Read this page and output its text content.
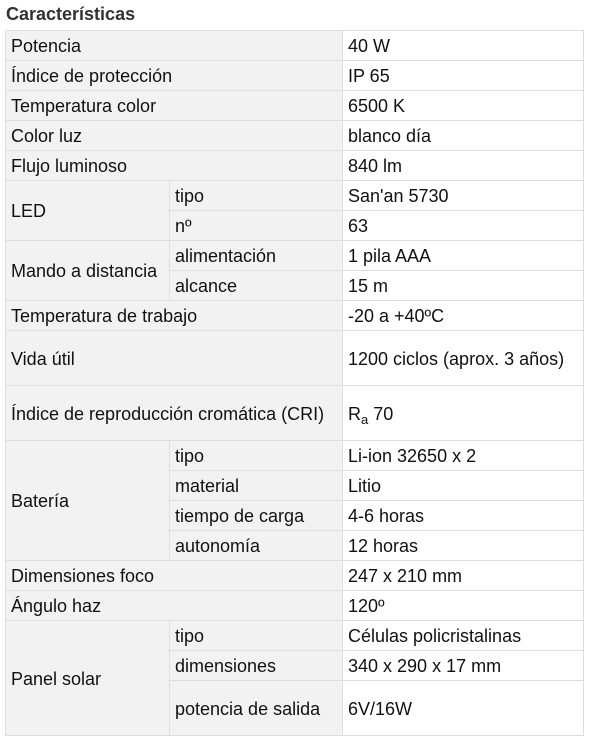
Características
Potencia		40 W
Índice de protección		IP 65
Temperatura color		6500 K
Color luz		blanco día
Flujo luminoso		840 lm
LED	tipo	San'an 5730
	nº	63
Mando a distancia	alimentación	1 pila AAA
	alcance	15 m
Temperatura de trabajo		-20 a +40ºC
Vida útil		1200 ciclos (aprox. 3 años)
Índice de reproducción cromática (CRI)		$R_a$ 70
Batería	tipo	Li-ion 32650 x 2
	material	Litio
	tiempo de carga	4-6 horas
	autonomía	12 horas
Dimensiones foco		247 x 210 mm
Ángulo haz		120º
Panel solar	tipo	Células policristalinas
	dimensiones	340 x 290 x 17 mm
	potencia de salida	6V/16W
